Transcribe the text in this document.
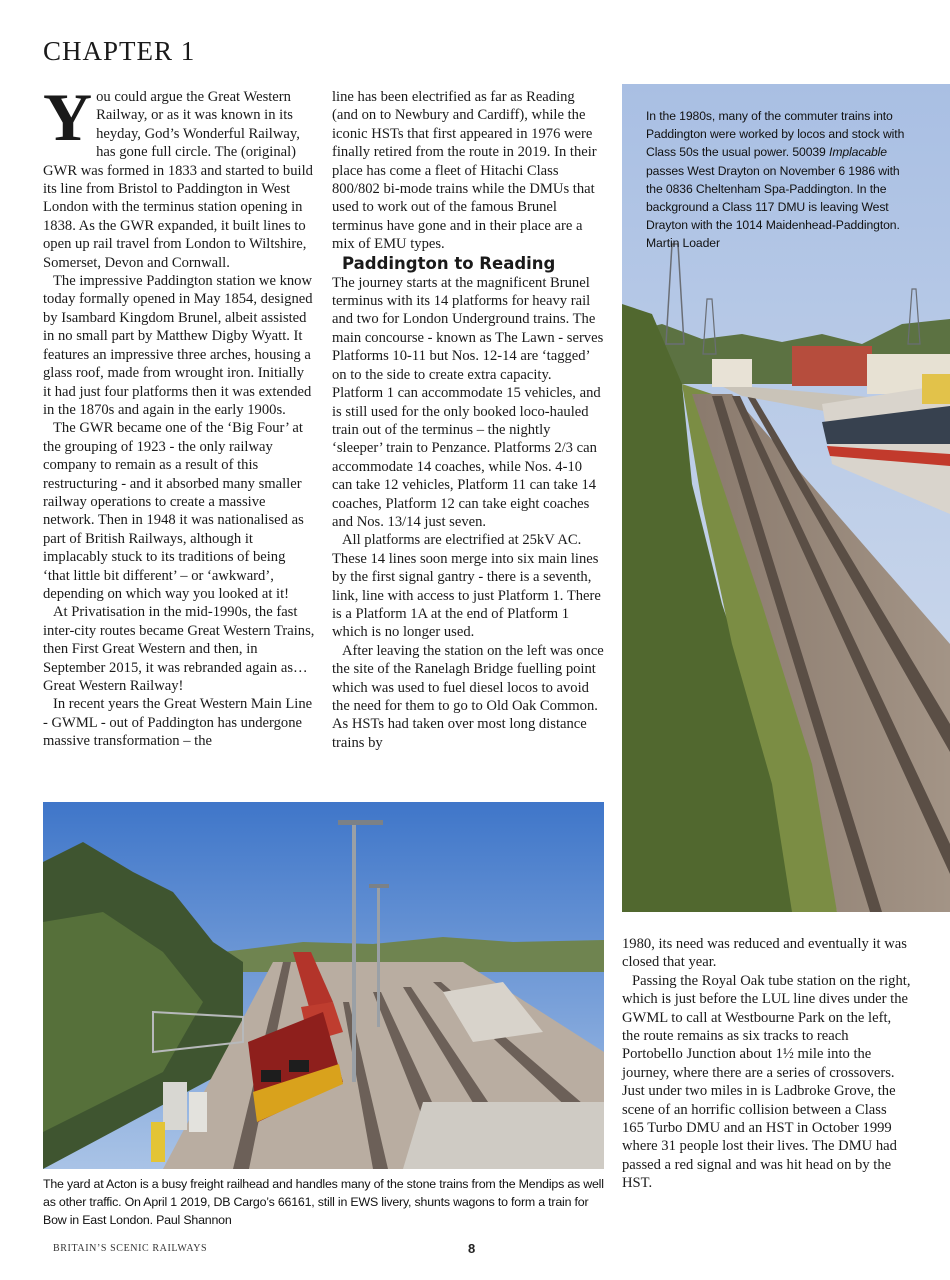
CHAPTER 1

You could argue the Great Western Railway, or as it was known in its heyday, God’s Wonderful Railway, has gone full circle. The (original) GWR was formed in 1833 and started to build its line from Bristol to Paddington in West London with the terminus station opening in 1838. As the GWR expanded, it built lines to open up rail travel from London to Wiltshire, Somerset, Devon and Cornwall.

The impressive Paddington station we know today formally opened in May 1854, designed by Isambard Kingdom Brunel, albeit assisted in no small part by Matthew Digby Wyatt. It features an impressive three arches, housing a glass roof, made from wrought iron. Initially it had just four platforms then it was extended in the 1870s and again in the early 1900s.

The GWR became one of the ‘Big Four’ at the grouping of 1923 - the only railway company to remain as a result of this restructuring - and it absorbed many smaller railway operations to create a massive network. Then in 1948 it was nationalised as part of British Railways, although it implacably stuck to its traditions of being ‘that little bit different’ – or ‘awkward’, depending on which way you looked at it!

At Privatisation in the mid-1990s, the fast inter-city routes became Great Western Trains, then First Great Western and then, in September 2015, it was rebranded again as… Great Western Railway!

In recent years the Great Western Main Line - GWML - out of Paddington has undergone massive transformation – the

line has been electrified as far as Reading (and on to Newbury and Cardiff), while the iconic HSTs that first appeared in 1976 were finally retired from the route in 2019. In their place has come a fleet of Hitachi Class 800/802 bi-mode trains while the DMUs that used to work out of the famous Brunel terminus have gone and in their place are a mix of EMU types.

Paddington to Reading

The journey starts at the magnificent Brunel terminus with its 14 platforms for heavy rail and two for London Underground trains. The main concourse - known as The Lawn - serves Platforms 10-11 but Nos. 12-14 are ‘tagged’ on to the side to create extra capacity. Platform 1 can accommodate 15 vehicles, and is still used for the only booked loco-hauled train out of the terminus – the nightly ‘sleeper’ train to Penzance. Platforms 2/3 can accommodate 14 coaches, while Nos. 4-10 can take 12 vehicles, Platform 11 can take 14 coaches, Platform 12 can take eight coaches and Nos. 13/14 just seven.

All platforms are electrified at 25kV AC. These 14 lines soon merge into six main lines by the first signal gantry - there is a seventh, link, line with access to just Platform 1. There is a Platform 1A at the end of Platform 1 which is no longer used.

After leaving the station on the left was once the site of the Ranelagh Bridge fuelling point which was used to fuel diesel locos to avoid the need for them to go to Old Oak Common. As HSTs had taken over most long distance trains by

In the 1980s, many of the commuter trains into Paddington were worked by locos and stock with Class 50s the usual power. 50039 Implacable passes West Drayton on November 6 1986 with the 0836 Cheltenham Spa-Paddington. In the background a Class 117 DMU is leaving West Drayton with the 1014 Maidenhead-Paddington. Martin Loader
The yard at Acton is a busy freight railhead and handles many of the stone trains from the Mendips as well as other traffic. On April 1 2019, DB Cargo’s 66161, still in EWS livery, shunts wagons to form a train for Bow in East London. Paul Shannon

1980, its need was reduced and eventually it was closed that year.

Passing the Royal Oak tube station on the right, which is just before the LUL line dives under the GWML to call at Westbourne Park on the left, the route remains as six tracks to reach Portobello Junction about 1½ mile into the journey, where there are a series of crossovers. Just under two miles in is Ladbroke Grove, the scene of an horrific collision between a Class 165 Turbo DMU and an HST in October 1999 where 31 people lost their lives. The DMU had passed a red signal and was hit head on by the HST.

BRITAIN’S SCENIC RAILWAYS	8
